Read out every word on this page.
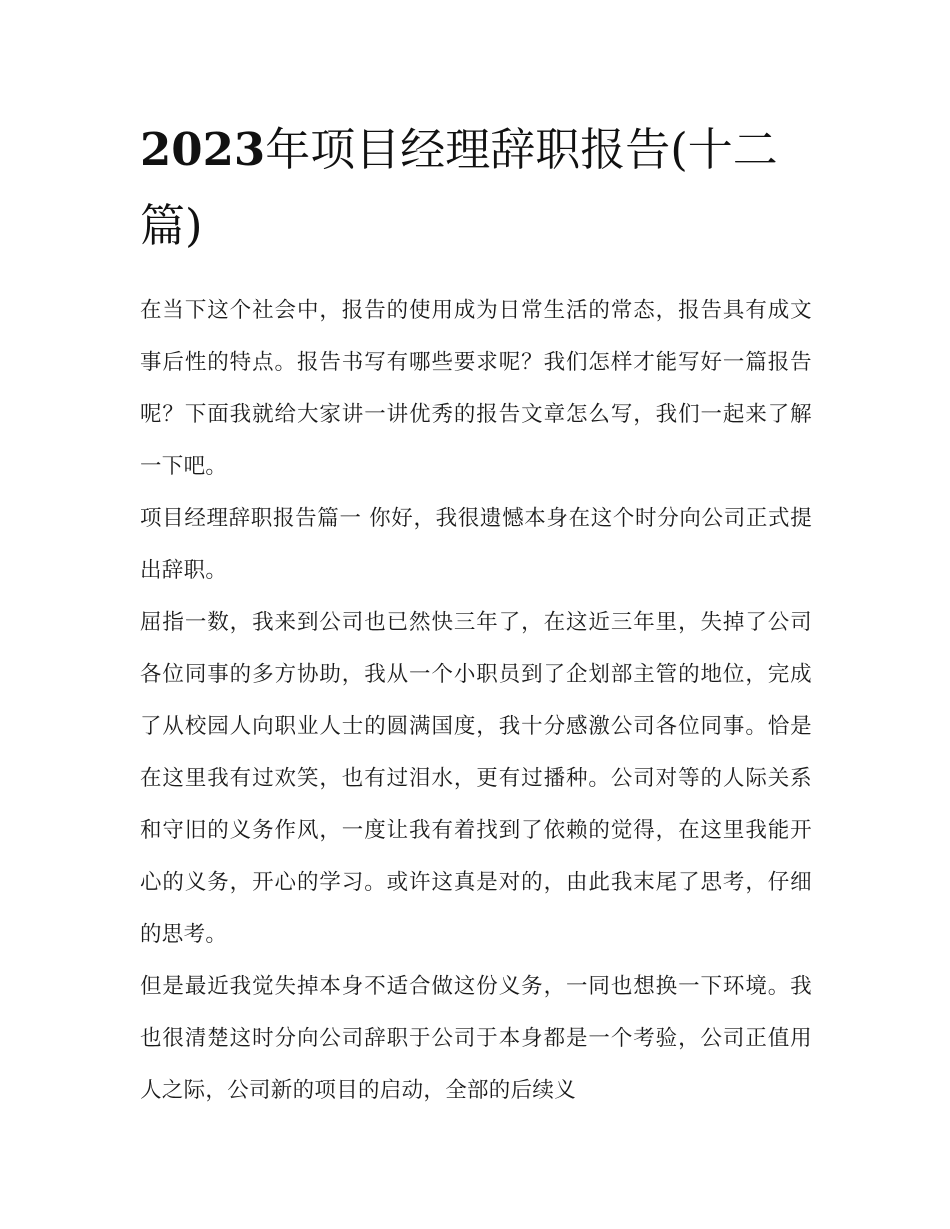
2023年项目经理辞职报告(十二篇)

在当下这个社会中，报告的使用成为日常生活的常态，报告具有成文事后性的特点。报告书写有哪些要求呢？我们怎样才能写好一篇报告呢？下面我就给大家讲一讲优秀的报告文章怎么写，我们一起来了解一下吧。

项目经理辞职报告篇一 你好，我很遗憾本身在这个时分向公司正式提出辞职。

屈指一数，我来到公司也已然快三年了，在这近三年里，失掉了公司各位同事的多方协助，我从一个小职员到了企划部主管的地位，完成了从校园人向职业人士的圆满国度，我十分感激公司各位同事。恰是在这里我有过欢笑，也有过泪水，更有过播种。公司对等的人际关系和守旧的义务作风，一度让我有着找到了依赖的觉得，在这里我能开心的义务，开心的学习。或许这真是对的，由此我末尾了思考，仔细的思考。

但是最近我觉失掉本身不适合做这份义务，一同也想换一下环境。我也很清楚这时分向公司辞职于公司于本身都是一个考验，公司正值用人之际，公司新的项目的启动，全部的后续义
